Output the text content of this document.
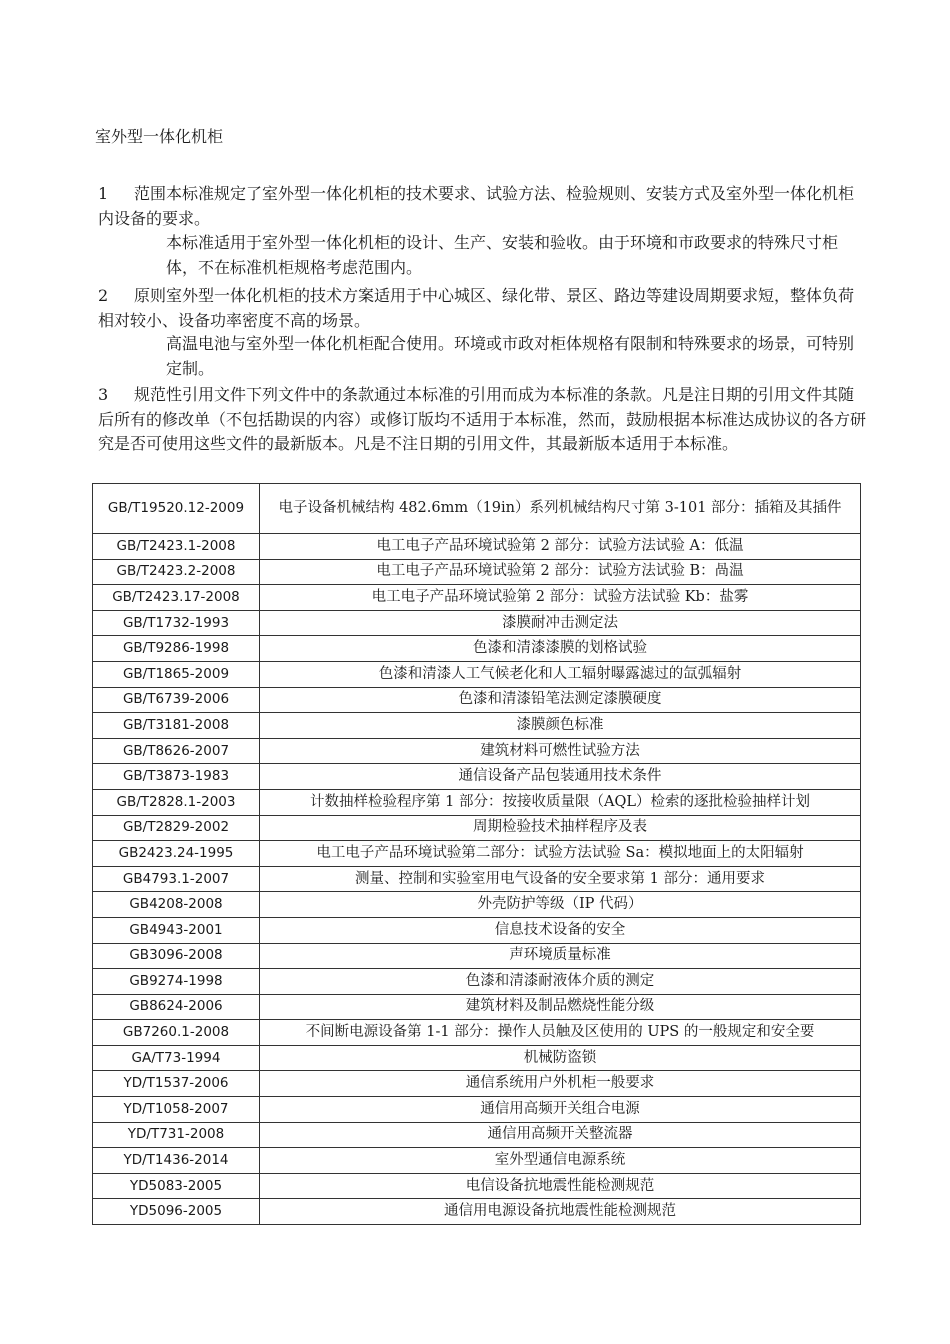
室外型一体化机柜
1 范围本标准规定了室外型一体化机柜的技术要求、试验方法、检验规则、安装方式及室外型一体化机柜内设备的要求。
本标准适用于室外型一体化机柜的设计、生产、安装和验收。由于环境和市政要求的特殊尺寸柜体，不在标准机柜规格考虑范围内。
2 原则室外型一体化机柜的技术方案适用于中心城区、绿化带、景区、路边等建设周期要求短，整体负荷相对较小、设备功率密度不高的场景。
高温电池与室外型一体化机柜配合使用。环境或市政对柜体规格有限制和特殊要求的场景，可特别定制。
3 规范性引用文件下列文件中的条款通过本标准的引用而成为本标准的条款。凡是注日期的引用文件其随后所有的修改单（不包括勘误的内容）或修订版均不适用于本标准，然而，鼓励根据本标准达成协议的各方研究是否可使用这些文件的最新版本。凡是不注日期的引用文件，其最新版本适用于本标准。
GB/T19520.12-2009	电子设备机械结构 482.6mm（19in）系列机械结构尺寸第 3-101 部分：插箱及其插件
GB/T2423.1-2008	电工电子产品环境试验第 2 部分：试验方法试验 A：低温
GB/T2423.2-2008	电工电子产品环境试验第 2 部分：试验方法试验 B：咼温
GB/T2423.17-2008	电工电子产品环境试验第 2 部分：试验方法试验 Kb：盐雾
GB/T1732-1993	漆膜耐冲击测定法
GB/T9286-1998	色漆和清漆漆膜的划格试验
GB/T1865-2009	色漆和清漆人工气候老化和人工辐射曝露滤过的氙弧辐射
GB/T6739-2006	色漆和清漆铅笔法测定漆膜硬度
GB/T3181-2008	漆膜颜色标准
GB/T8626-2007	建筑材料可燃性试验方法
GB/T3873-1983	通信设备产品包装通用技术条件
GB/T2828.1-2003	计数抽样检验程序第 1 部分：按接收质量限（AQL）检索的逐批检验抽样计划
GB/T2829-2002	周期检验技术抽样程序及表
GB2423.24-1995	电工电子产品环境试验第二部分：试验方法试验 Sa：模拟地面上的太阳辐射
GB4793.1-2007	测量、控制和实验室用电气设备的安全要求第 1 部分：通用要求
GB4208-2008	外壳防护等级（IP 代码）
GB4943-2001	信息技术设备的安全
GB3096-2008	声环境质量标准
GB9274-1998	色漆和清漆耐液体介质的测定
GB8624-2006	建筑材料及制品燃烧性能分级
GB7260.1-2008	不间断电源设备第 1-1 部分：操作人员触及区使用的 UPS 的一般规定和安全要
GA/T73-1994	机械防盗锁
YD/T1537-2006	通信系统用户外机柜一般要求
YD/T1058-2007	通信用高频开关组合电源
YD/T731-2008	通信用高频开关整流器
YD/T1436-2014	室外型通信电源系统
YD5083-2005	电信设备抗地震性能检测规范
YD5096-2005	通信用电源设备抗地震性能检测规范
